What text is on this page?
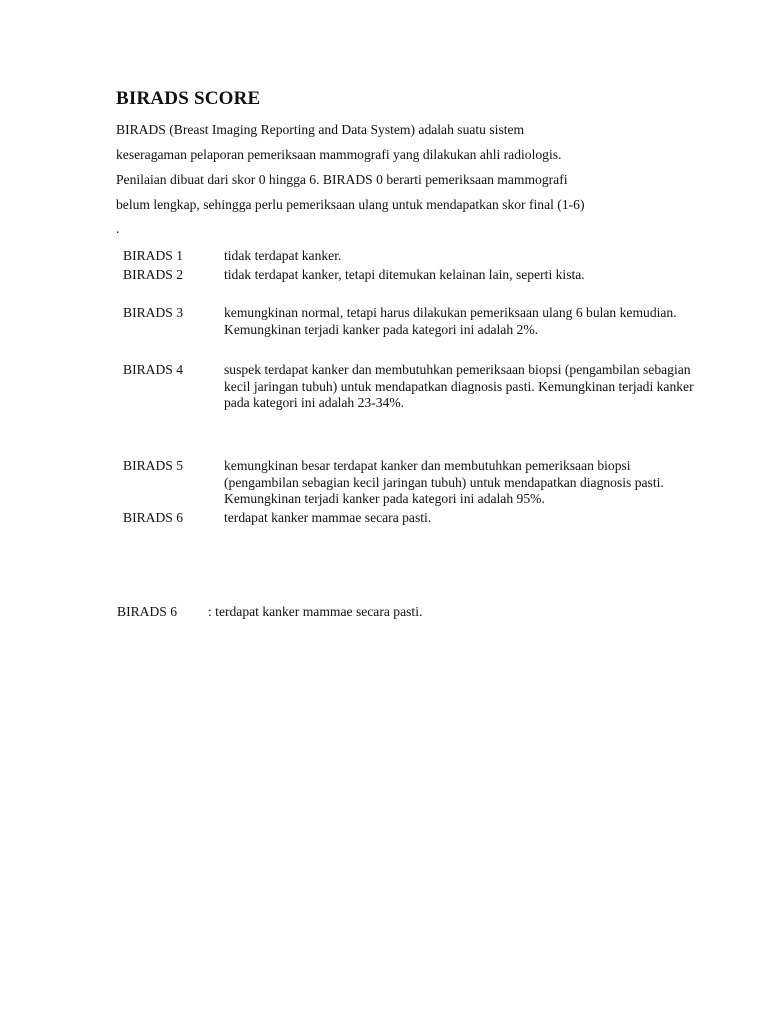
BIRADS SCORE
BIRADS (Breast Imaging Reporting and Data System) adalah suatu sistem
keseragaman pelaporan pemeriksaan mammografi yang dilakukan ahli radiologis.
Penilaian dibuat dari skor 0 hingga 6. BIRADS 0 berarti pemeriksaan mammografi
belum lengkap, sehingga perlu pemeriksaan ulang untuk mendapatkan skor final (1-6)
.
BIRADS 1	tidak terdapat kanker.
BIRADS 2	tidak terdapat kanker, tetapi ditemukan kelainan lain, seperti kista.
BIRADS 3	kemungkinan normal, tetapi harus dilakukan pemeriksaan ulang 6 bulan kemudian. Kemungkinan terjadi kanker pada kategori ini adalah 2%.
BIRADS 4	suspek terdapat kanker dan membutuhkan pemeriksaan biopsi (pengambilan sebagian kecil jaringan tubuh) untuk mendapatkan diagnosis pasti. Kemungkinan terjadi kanker pada kategori ini adalah 23-34%.
BIRADS 5	kemungkinan besar terdapat kanker dan membutuhkan pemeriksaan biopsi (pengambilan sebagian kecil jaringan tubuh) untuk mendapatkan diagnosis pasti. Kemungkinan terjadi kanker pada kategori ini adalah 95%.
BIRADS 6	terdapat kanker mammae secara pasti.
BIRADS 6 : terdapat kanker mammae secara pasti.
